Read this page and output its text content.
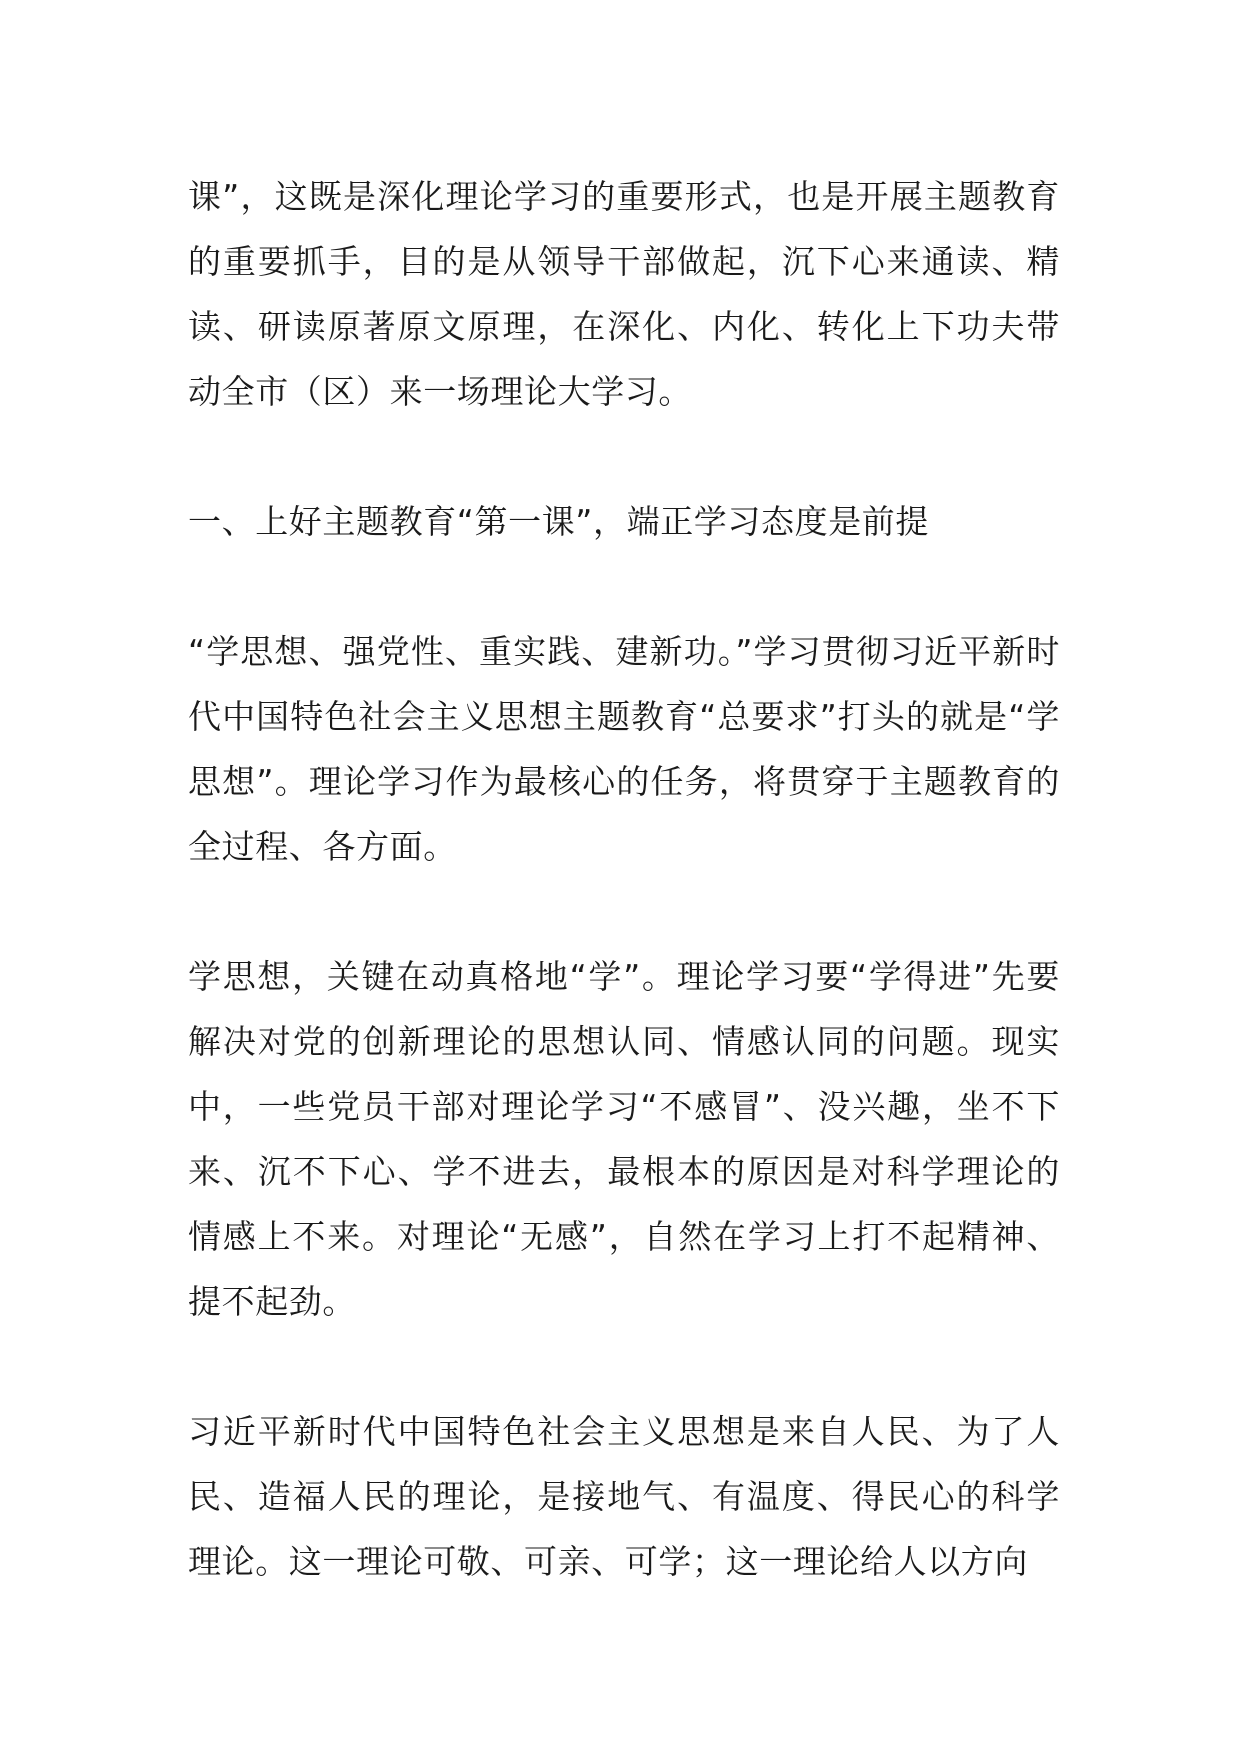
课”，这既是深化理论学习的重要形式，也是开展主题教育的重要抓手，目的是从领导干部做起，沉下心来通读、精读、研读原著原文原理，在深化、内化、转化上下功夫带动全市（区）来一场理论大学习。

一、上好主题教育“第一课”，端正学习态度是前提

“学思想、强党性、重实践、建新功。”学习贯彻习近平新时代中国特色社会主义思想主题教育“总要求”打头的就是“学思想”。理论学习作为最核心的任务，将贯穿于主题教育的全过程、各方面。

学思想，关键在动真格地“学”。理论学习要“学得进”先要解决对党的创新理论的思想认同、情感认同的问题。现实中，一些党员干部对理论学习“不感冒”、没兴趣，坐不下来、沉不下心、学不进去，最根本的原因是对科学理论的情感上不来。对理论“无感”，自然在学习上打不起精神、提不起劲。

习近平新时代中国特色社会主义思想是来自人民、为了人民、造福人民的理论，是接地气、有温度、得民心的科学理论。这一理论可敬、可亲、可学；这一理论给人以方向
